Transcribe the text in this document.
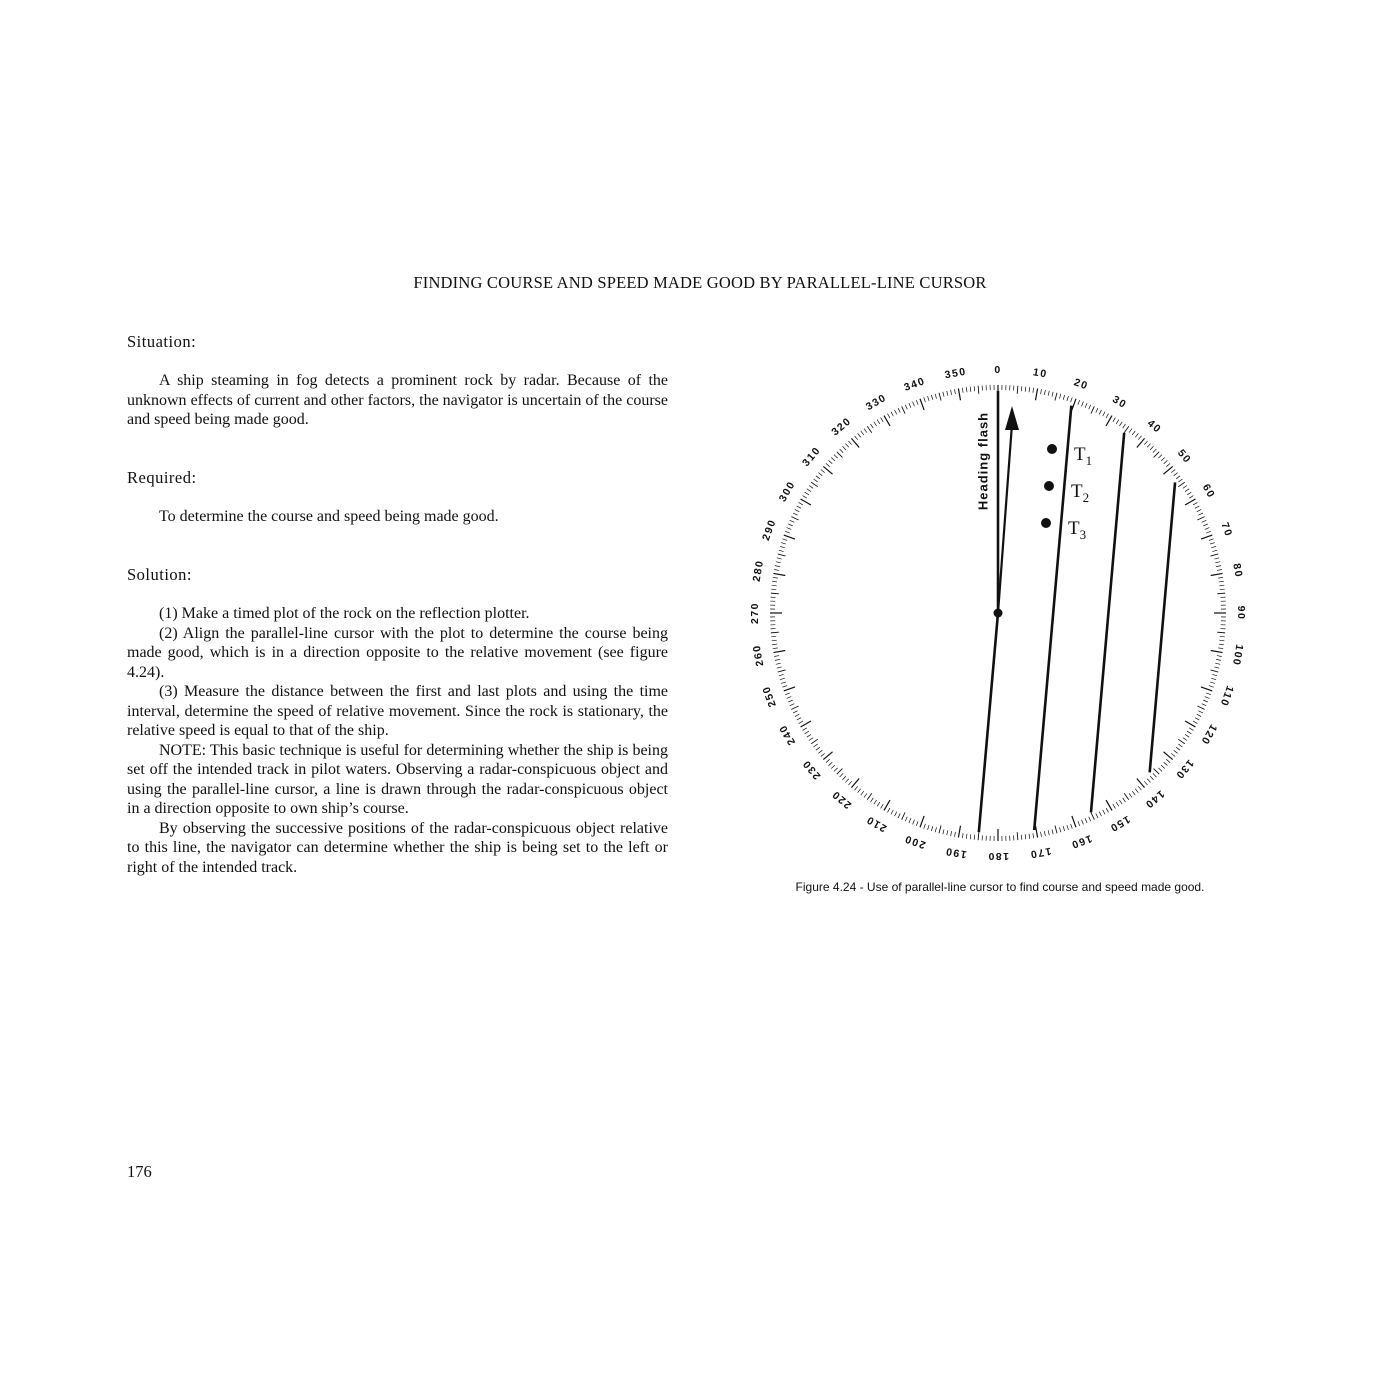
FINDING COURSE AND SPEED MADE GOOD BY PARALLEL-LINE CURSOR
Situation:

A ship steaming in fog detects a prominent rock by radar. Because of the unknown effects of current and other factors, the navigator is uncertain of the course and speed being made good.

Required:

To determine the course and speed being made good.

Solution:

(1) Make a timed plot of the rock on the reflection plotter.

(2) Align the parallel-line cursor with the plot to determine the course being made good, which is in a direction opposite to the relative movement (see figure 4.24).

(3) Measure the distance between the first and last plots and using the time interval, determine the speed of relative movement. Since the rock is stationary, the relative speed is equal to that of the ship.

NOTE: This basic technique is useful for determining whether the ship is being set off the intended track in pilot waters. Observing a radar-conspicuous object and using the parallel-line cursor, a line is drawn through the radar-conspicuous object in a direction opposite to own ship’s course.

By observing the successive positions of the radar-conspicuous object relative to this line, the navigator can determine whether the ship is being set to the left or right of the intended track.

0	10
20
30
40
50
60
70
80
90
100
110
120
130
140
150
160
170
180
190
200
210
220
230
240
250
260
270
280
290
300
310
320
330
340
350
Heading flash	$T_1$
$T_2$
$T_3$
Figure 4.24 - Use of parallel-line cursor to find course and speed made good.
176
